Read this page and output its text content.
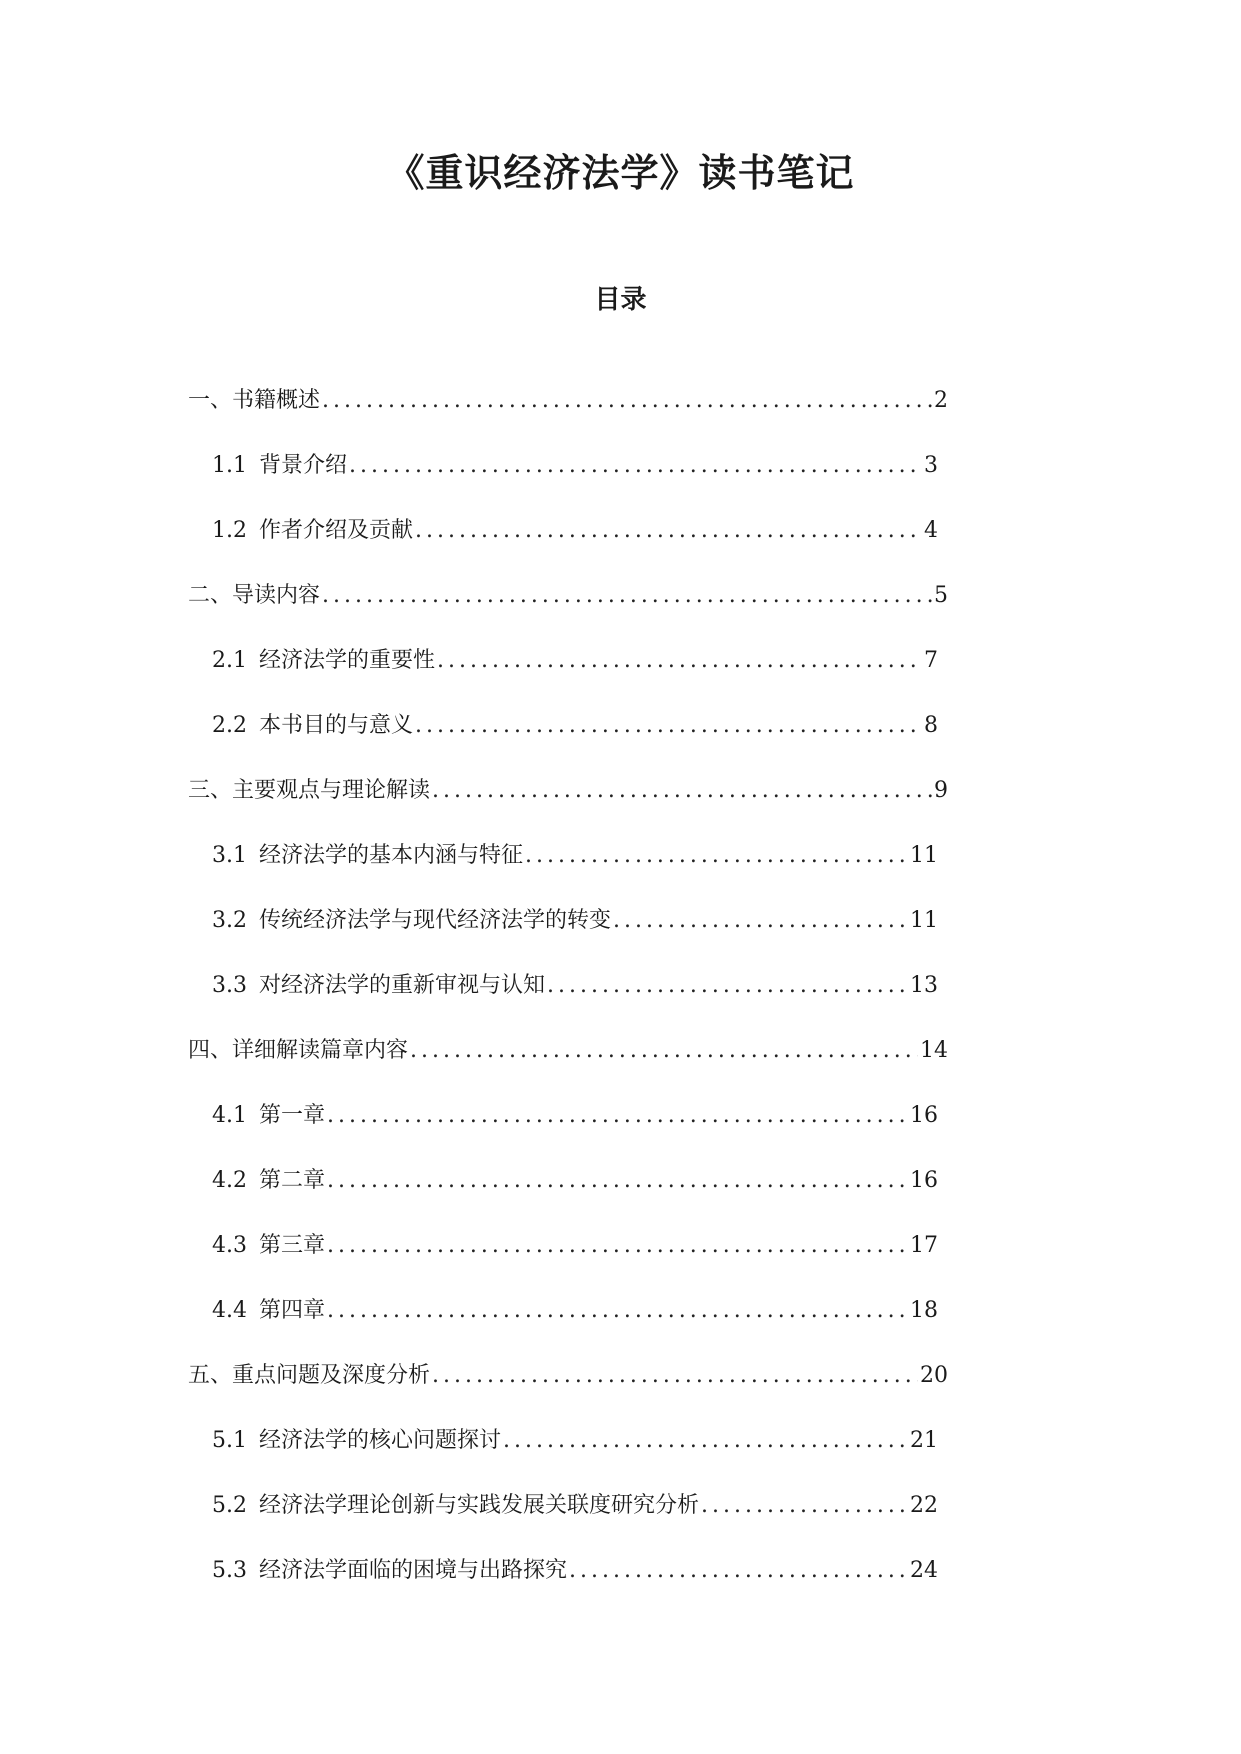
《重识经济法学》读书笔记
目录
一、书籍概述 .....	2
1.1 背景介绍 .....	3
1.2 作者介绍及贡献 .....	4
二、导读内容 .....	5
2.1 经济法学的重要性 .....	7
2.2 本书目的与意义 .....	8
三、主要观点与理论解读 .....	9
3.1 经济法学的基本内涵与特征 .....	11
3.2 传统经济法学与现代经济法学的转变 .....	11
3.3 对经济法学的重新审视与认知 .....	13
四、详细解读篇章内容 .....	14
4.1 第一章 .....	16
4.2 第二章 .....	16
4.3 第三章 .....	17
4.4 第四章 .....	18
五、重点问题及深度分析 .....	20
5.1 经济法学的核心问题探讨 .....	21
5.2 经济法学理论创新与实践发展关联度研究分析 .....	22
5.3 经济法学面临的困境与出路探究 .....	24
